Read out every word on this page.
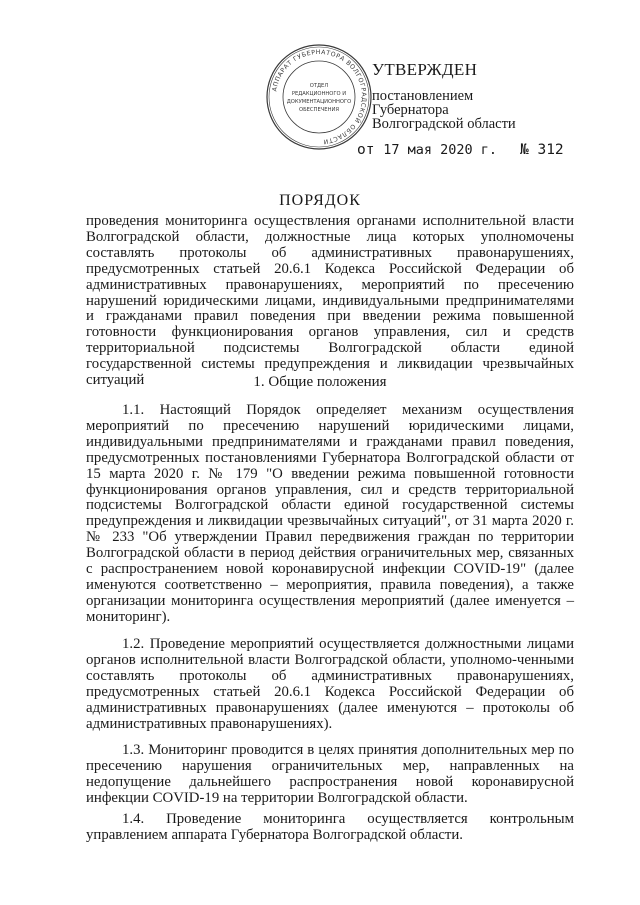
АППАРАТ ГУБЕРНАТОРА ВОЛГОГРАДСКОЙ ОБЛАСТИ
ОТДЕЛ
РЕДАКЦИОННОГО И
ДОКУМЕНТАЦИОННОГО
ОБЕСПЕЧЕНИЯ
УТВЕРЖДЕН
постановлением
Губернатора
Волгоградской области
от 17 мая 2020 г. № 312
ПОРЯДОК
проведения мониторинга осуществления органами исполнительной власти Волгоградской области, должностные лица которых уполномочены составлять протоколы об административных правонарушениях, предусмотренных статьей 20.6.1 Кодекса Российской Федерации об административных правонарушениях, мероприятий по пресечению нарушений юридическими лицами, индивидуальными предпринимателями и гражданами правил поведения при введении режима повышенной готовности функционирования органов управления, сил и средств территориальной подсистемы Волгоградской области единой государственной системы предупреждения и ликвидации чрезвычайных ситуаций	1. Общие положения
1.1. Настоящий Порядок определяет механизм осуществления мероприятий по пресечению нарушений юридическими лицами, индивидуальными предпринимателями и гражданами правил поведения, предусмотренных постановлениями Губернатора Волгоградской области от 15 марта 2020 г. № 179 "О введении режима повышенной готовности функционирования органов управления, сил и средств территориальной подсистемы Волгоградской области единой государственной системы предупреждения и ликвидации чрезвычайных ситуаций", от 31 марта 2020 г. № 233 "Об утверждении Правил передвижения граждан по территории Волгоградской области в период действия ограничительных мер, связанных с распространением новой коронавирусной инфекции COVID-19" (далее именуются соответственно – мероприятия, правила поведения), а также организации мониторинга осуществления мероприятий (далее именуется – мониторинг).
1.2. Проведение мероприятий осуществляется должностными лицами органов исполнительной власти Волгоградской области, уполномо-ченными составлять протоколы об административных правонарушениях, предусмотренных статьей 20.6.1 Кодекса Российской Федерации об административных правонарушениях (далее именуются – протоколы об административных правонарушениях).
1.3. Мониторинг проводится в целях принятия дополнительных мер по пресечению нарушения ограничительных мер, направленных на недопущение дальнейшего распространения новой коронавирусной инфекции COVID-19 на территории Волгоградской области.
1.4. Проведение мониторинга осуществляется контрольным управлением аппарата Губернатора Волгоградской области.
